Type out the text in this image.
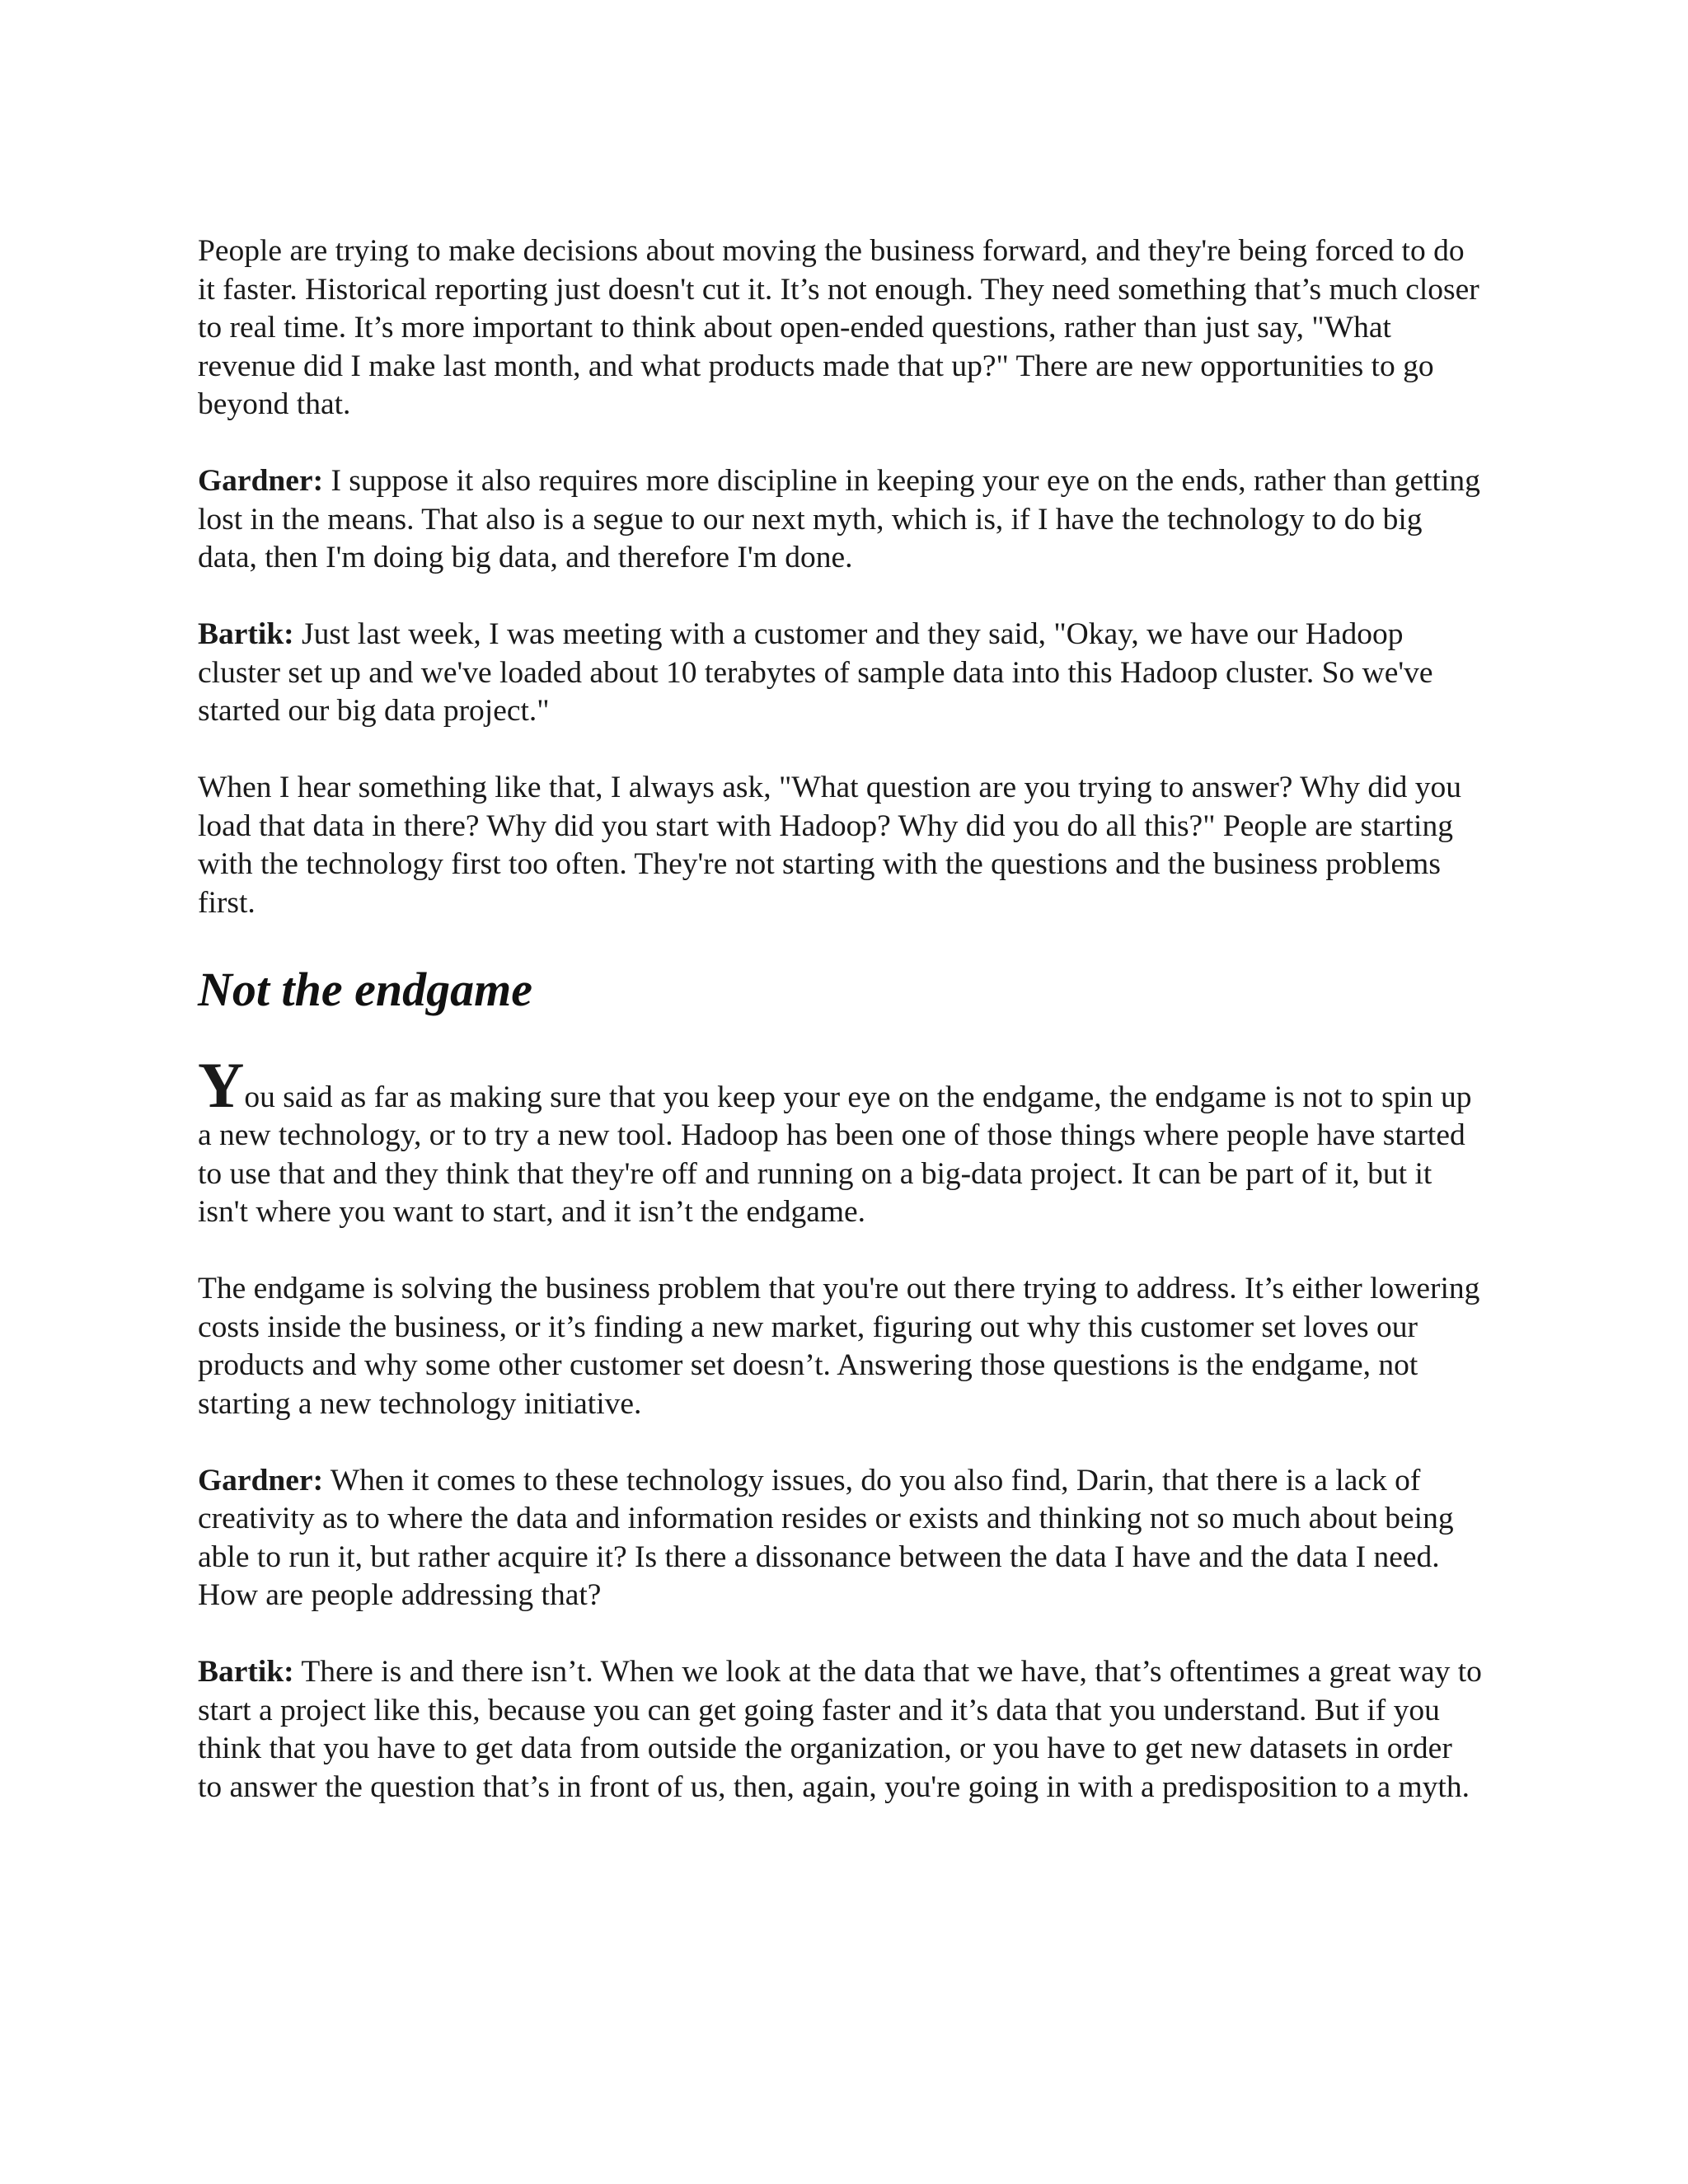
People are trying to make decisions about moving the business forward, and they're being forced to do it faster. Historical reporting just doesn't cut it. It’s not enough. They need something that’s much closer to real time. It’s more important to think about open-ended questions, rather than just say, "What revenue did I make last month, and what products made that up?" There are new opportunities to go beyond that.

Gardner: I suppose it also requires more discipline in keeping your eye on the ends, rather than getting lost in the means. That also is a segue to our next myth, which is, if I have the technology to do big data, then I'm doing big data, and therefore I'm done.

Bartik: Just last week, I was meeting with a customer and they said, "Okay, we have our Hadoop cluster set up and we've loaded about 10 terabytes of sample data into this Hadoop cluster. So we've started our big data project."

When I hear something like that, I always ask, "What question are you trying to answer? Why did you load that data in there? Why did you start with Hadoop? Why did you do all this?" People are starting with the technology first too often. They're not starting with the questions and the business problems first.

Not the endgame

You said as far as making sure that you keep your eye on the endgame, the endgame is not to spin up a new technology, or to try a new tool. Hadoop has been one of those things where people have started to use that and they think that they're off and running on a big-data project. It can be part of it, but it isn't where you want to start, and it isn’t the endgame.

The endgame is solving the business problem that you're out there trying to address. It’s either lowering costs inside the business, or it’s finding a new market, figuring out why this customer set loves our products and why some other customer set doesn’t. Answering those questions is the endgame, not starting a new technology initiative.

Gardner: When it comes to these technology issues, do you also find, Darin, that there is a lack of creativity as to where the data and information resides or exists and thinking not so much about being able to run it, but rather acquire it? Is there a dissonance between the data I have and the data I need. How are people addressing that?

Bartik: There is and there isn’t. When we look at the data that we have, that’s oftentimes a great way to start a project like this, because you can get going faster and it’s data that you understand. But if you think that you have to get data from outside the organization, or you have to get new datasets in order to answer the question that’s in front of us, then, again, you're going in with a predisposition to a myth.
